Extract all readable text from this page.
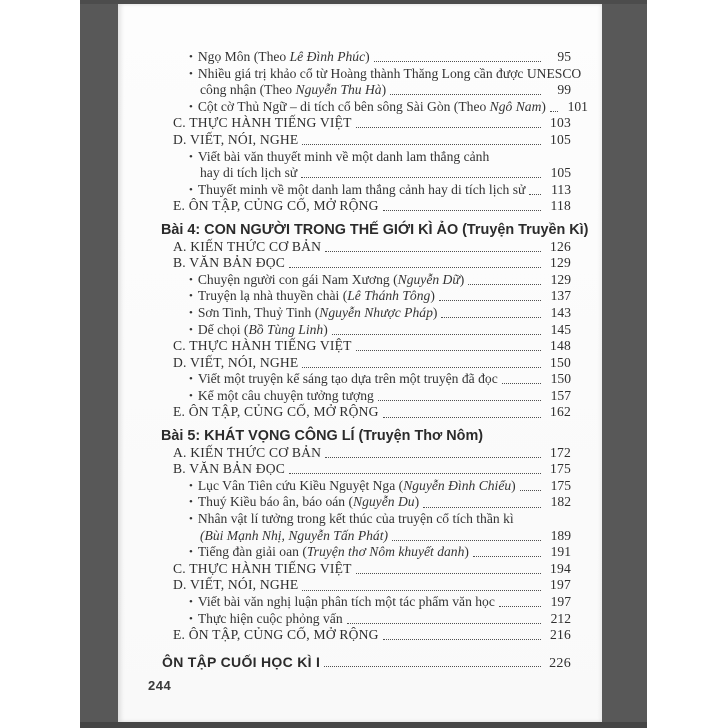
• Ngọ Môn (Theo Lê Đình Phúc)	95
• Nhiều giá trị khảo cổ từ Hoàng thành Thăng Long cần được UNESCO
công nhận (Theo Nguyễn Thu Hà)	99
• Cột cờ Thủ Ngữ – di tích cổ bên sông Sài Gòn (Theo Ngô Nam)	101
C. THỰC HÀNH TIẾNG VIỆT	103
D. VIẾT, NÓI, NGHE	105
• Viết bài văn thuyết minh về một danh lam thắng cảnh
hay di tích lịch sử	105
• Thuyết minh về một danh lam thắng cảnh hay di tích lịch sử	113
E. ÔN TẬP, CỦNG CỐ, MỞ RỘNG	118
Bài 4: CON NGƯỜI TRONG THẾ GIỚI KÌ ẢO (Truyện Truyền Kì)
A. KIẾN THỨC CƠ BẢN	126
B. VĂN BẢN ĐỌC	129
• Chuyện người con gái Nam Xương (Nguyễn Dữ)	129
• Truyện lạ nhà thuyền chài (Lê Thánh Tông)	137
• Sơn Tinh, Thuỷ Tinh (Nguyễn Nhược Pháp)	143
• Dế chọi (Bồ Tùng Linh)	145
C. THỰC HÀNH TIẾNG VIỆT	148
D. VIẾT, NÓI, NGHE	150
• Viết một truyện kể sáng tạo dựa trên một truyện đã đọc	150
• Kể một câu chuyện tưởng tượng	157
E. ÔN TẬP, CỦNG CỐ, MỞ RỘNG	162
Bài 5: KHÁT VỌNG CÔNG LÍ (Truyện Thơ Nôm)
A. KIẾN THỨC CƠ BẢN	172
B. VĂN BẢN ĐỌC	175
• Lục Vân Tiên cứu Kiều Nguyệt Nga (Nguyễn Đình Chiểu)	175
• Thuý Kiều báo ân, báo oán (Nguyễn Du)	182
• Nhân vật lí tưởng trong kết thúc của truyện cổ tích thần kì
(Bùi Mạnh Nhị, Nguyễn Tấn Phát)	189
• Tiếng đàn giải oan (Truyện thơ Nôm khuyết danh)	191
C. THỰC HÀNH TIẾNG VIỆT	194
D. VIẾT, NÓI, NGHE	197
• Viết bài văn nghị luận phân tích một tác phẩm văn học	197
• Thực hiện cuộc phỏng vấn	212
E. ÔN TẬP, CỦNG CỐ, MỞ RỘNG	216
ÔN TẬP CUỐI HỌC KÌ I	226
244
